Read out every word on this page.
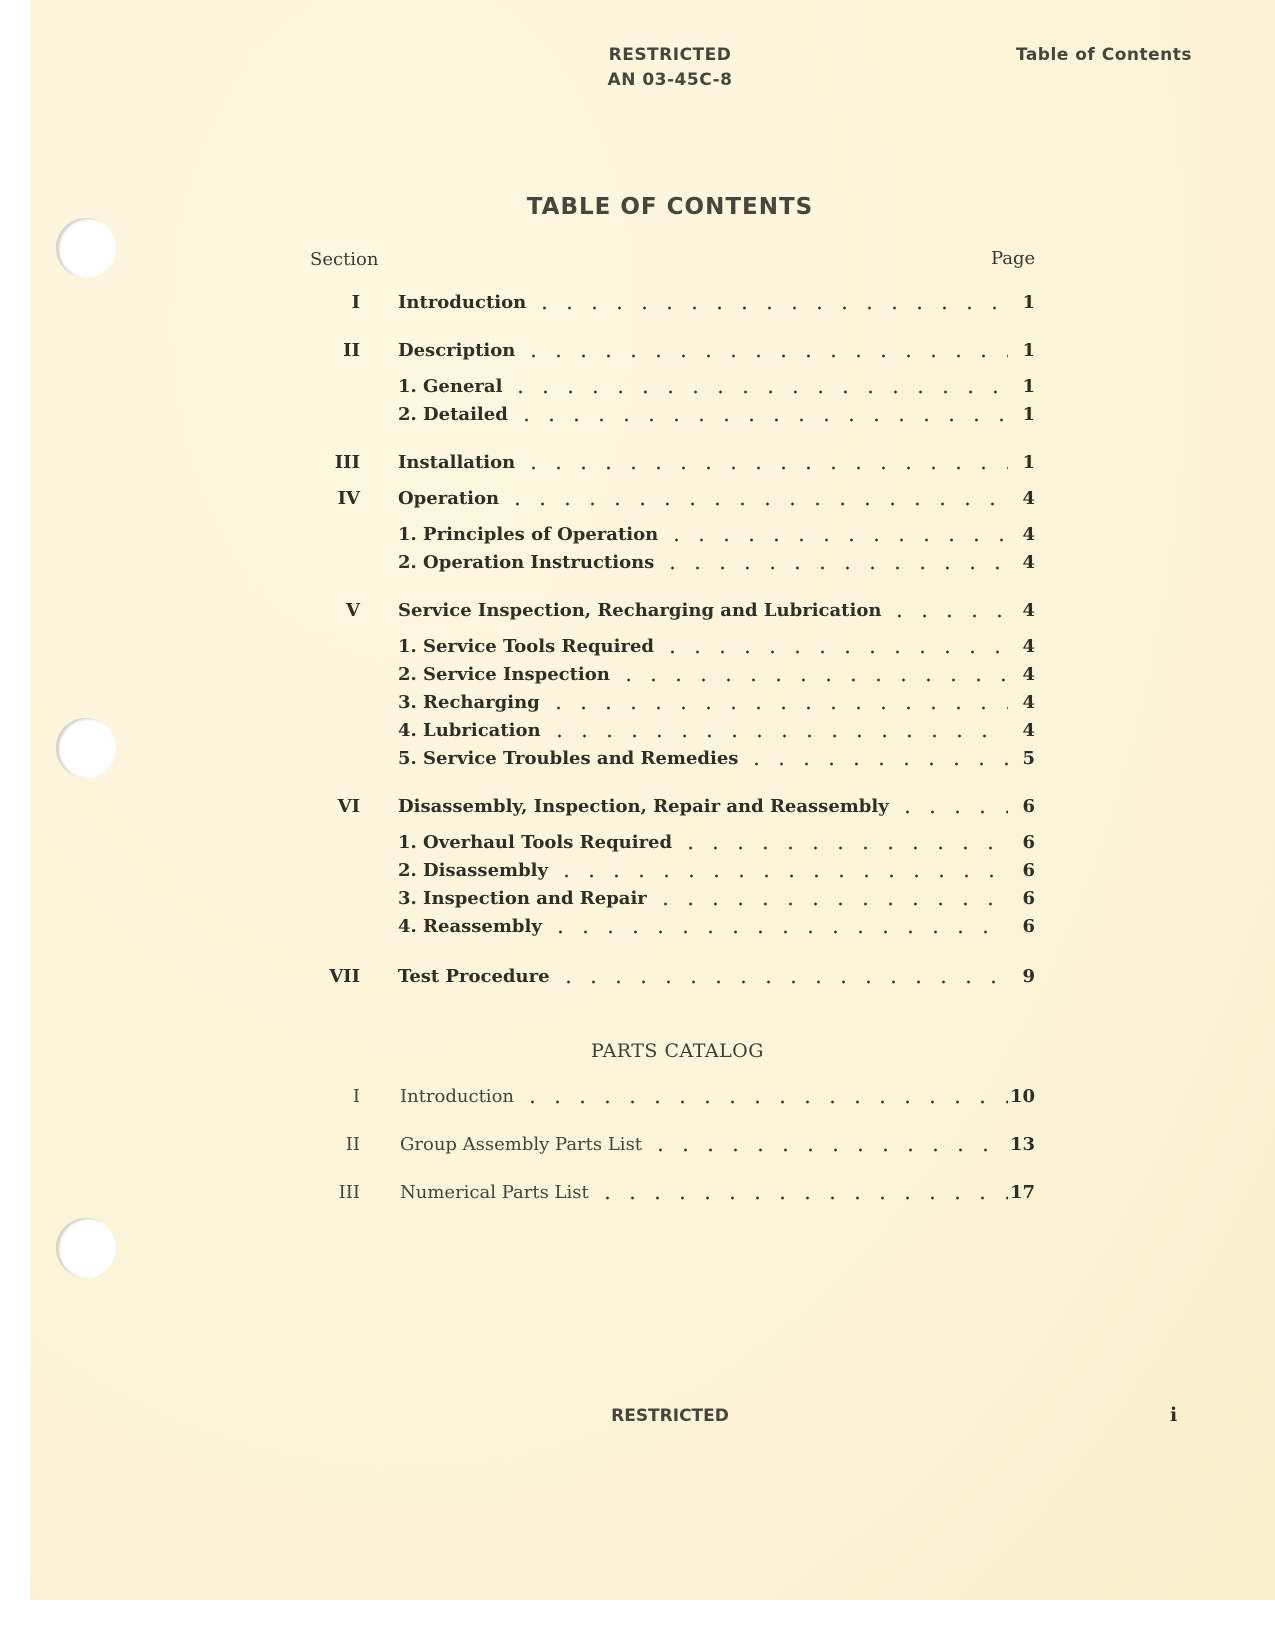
RESTRICTED
AN 03-45C-8
Table of Contents
TABLE OF CONTENTS
Section	Page
I Introduction	1
II Description	1
1. General	1
2. Detailed	1
III Installation	1
IV Operation	4
1. Principles of Operation	4
2. Operation Instructions	4
V Service Inspection, Recharging and Lubrication	4
1. Service Tools Required	4
2. Service Inspection	4
3. Recharging	4
4. Lubrication	4
5. Service Troubles and Remedies	5
VI Disassembly, Inspection, Repair and Reassembly	6
1. Overhaul Tools Required	6
2. Disassembly	6
3. Inspection and Repair	6
4. Reassembly	6
VII Test Procedure	9
PARTS CATALOG
I Introduction	10
II Group Assembly Parts List	13
III Numerical Parts List	17
RESTRICTED	i
